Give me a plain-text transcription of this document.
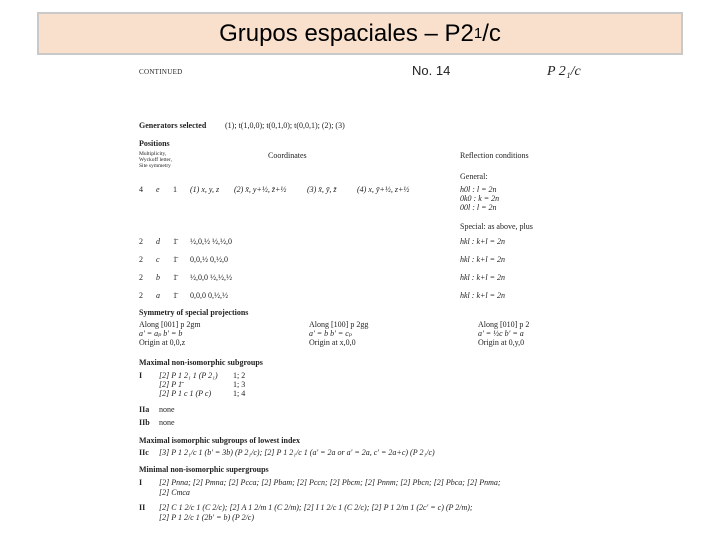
Grupos espaciales – P2 1 /c
CONTINUED	No. 14	P 2₁/c
Generators selected (1); t(1,0,0); t(0,1,0); t(0,0,1); (2); (3)
Positions
Multiplicity,
Wyckoff letter,
Site symmetry
Coordinates	Reflection conditions
General:
4 e 1 (1) x, y, z (2) x̄, y+½, z̄+½	(3) x̄, ȳ, z̄	(4) x, ȳ+½, z+½	h0l : l = 2n
0k0 : k = 2n
00l : l = 2n
Special: as above, plus
2 d 1̄ ½,0,½ ½,½,0	hkl : k+l = 2n
2 c 1̄ 0,0,½ 0,½,0	hkl : k+l = 2n
2 b 1̄ ½,0,0 ½,½,½	hkl : k+l = 2n
2 a 1̄ 0,0,0 0,½,½	hkl : k+l = 2n
Symmetry of special projections
Along [001] p 2gm
a' = aₚ b' = b
Origin at 0,0,z
Along [100] p 2gg
a' = b b' = cₚ
Origin at x,0,0
Along [010] p 2
a' = ½c b' = a
Origin at 0,y,0
Maximal non-isomorphic subgroups
I [2] P 1 2₁ 1 (P 2₁) 1; 2
[2] P 1̄	1; 3
[2] P 1 c 1 (P c)	1; 4
IIa none
IIb none
Maximal isomorphic subgroups of lowest index
IIc [3] P 1 2₁/c 1 (b' = 3b) (P 2₁/c); [2] P 1 2₁/c 1 (a' = 2a or a' = 2a, c' = 2a+c) (P 2₁/c)
Minimal non-isomorphic supergroups
I [2] Pnna; [2] Pmna; [2] Pcca; [2] Pbam; [2] Pccn; [2] Pbcm; [2] Pnnm; [2] Pbcn; [2] Pbca; [2] Pnma;
[2] Cmca
II [2] C 1 2/c 1 (C 2/c); [2] A 1 2/m 1 (C 2/m); [2] I 1 2/c 1 (C 2/c); [2] P 1 2/m 1 (2c' = c) (P 2/m);
[2] P 1 2/c 1 (2b' = b) (P 2/c)
